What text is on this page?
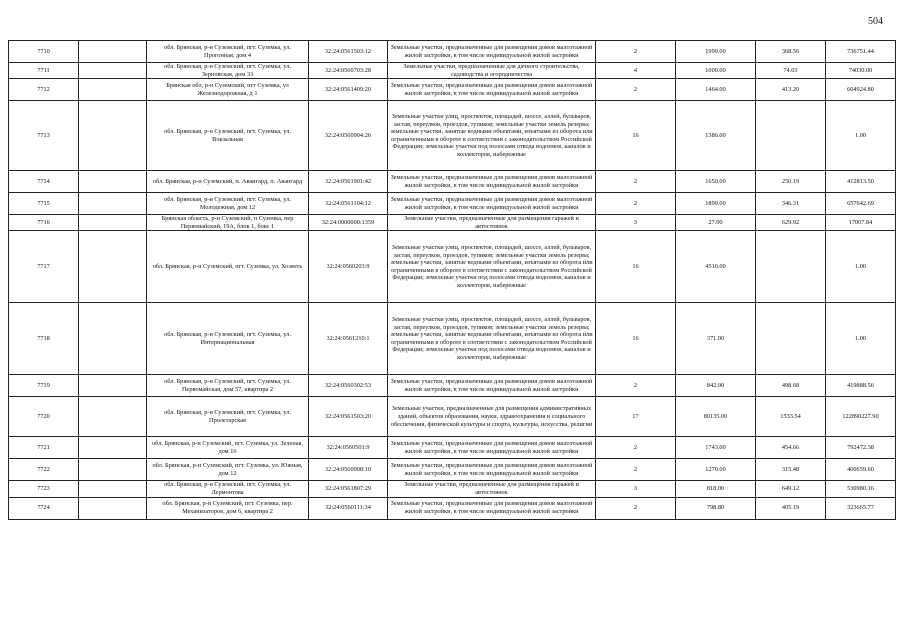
504
7710		обл. Брянская, р-н Суземский, пгт. Суземка, ул. Прогонная, дом 4	32:24:0561503:12	Земельные участки, предназначенные для размещения домов малоэтажной жилой застройки, в том числе индивидуальной жилой застройки	2	1999.00	368.56	736751.44
7711		обл. Брянская, р-н Суземский, пгт. Суземка, ул. Зерновская, дом 33	32:24:0560703:28	Земельные участки, предназначенные для дачного строительства, садоводства и огородничества	4	1000.00	74.03	74030.00
7712		Брянская обл, р-н Суземский, пгт Суземка, ул Железнодорожная, д 1	32:24:0561409:20	Земельные участки, предназначенные для размещения домов малоэтажной жилой застройки, в том числе индивидуальной жилой застройки	2	1464.00	413.20	604924.80
7713		обл. Брянская, р-н Суземский, пгт. Суземка, ул. Вокзальная	32:24:0560904:26	Земельные участки улиц, проспектов, площадей, шоссе, аллей, бульваров, застав, переулков, проездов, тупиков; земельные участки земель резерва; земельные участки, занятые водными объектами, изъятыми из оборота или ограниченными в обороте в соответствии с законодательством Российской Федерации; земельные участки под полосами отвода водоемов, каналов и коллекторов, набережные	16	1386.00		1.00
7714		обл. Брянская, р-н Суземский, п. Авангард, п. Авангард	32:24:0561901:42	Земельные участки, предназначенные для размещения домов малоэтажной жилой застройки, в том числе индивидуальной жилой застройки	2	1650.00	250.19	412813.50
7715		обл. Брянская, р-н Суземский, пгт. Суземка, ул. Молодежная, дом 12	32:24:0561104:12	Земельные участки, предназначенные для размещения домов малоэтажной жилой застройки, в том числе индивидуальной жилой застройки	2	1899.00	346.31	657642.69
7716		Брянская область, р-н Суземский, п Суземка, пер Первомайский, 19А, блок 1, бокс 1	32:24:0000000:1359	Земельные участки, предназначенные для размещения гаражей и автостоянок	3	27.00	629.92	17007.84
7717		обл. Брянская, р-н Суземский, пгт. Суземка, ул. Хозяеть	32:24:0560203:9	Земельные участки улиц, проспектов, площадей, шоссе, аллей, бульваров, застав, переулков, проездов, тупиков; земельные участки земель резерва; земельные участки, занятые водными объектами, изъятыми из оборота или ограниченными в обороте в соответствии с законодательством Российской Федерации; земельные участки под полосами отвода водоемов, каналов и коллекторов, набережные	16	4510.00		1.00
7718		обл. Брянская, р-н Суземский, пгт. Суземка, ул. Интернациональная	32:24:0561210:1	Земельные участки улиц, проспектов, площадей, шоссе, аллей, бульваров, застав, переулков, проездов, тупиков; земельные участки земель резерва; земельные участки, занятые водными объектами, изъятыми из оборота или ограниченными в обороте в соответствии с законодательством Российской Федерации; земельные участки под полосами отвода водоемов, каналов и коллекторов, набережные	16	371.00		1.00
7719		обл. Брянская, р-н Суземский, пгт. Суземка, ул. Первомайская, дом 57, квартира 2	32:24:0560302:53	Земельные участки, предназначенные для размещения домов малоэтажной жилой застройки, в том числе индивидуальной жилой застройки	2	842.00	498.68	419888.56
7720		обл. Брянская, р-н Суземский, пгт. Суземка, ул. Пролетарская	32:24:0561503:20	Земельные участки, предназначенные для размещения административных зданий, объектов образования, науки, здравоохранения и социального обеспечения, физической культуры и спорта, культуры, искусства, религии	17	80135.00	1533.54	122890227.90
7721		обл. Брянская, р-н Суземский, пгт. Суземка, ул. Зеленая, дом 16	32:24:0560501:9	Земельные участки, предназначенные для размещения домов малоэтажной жилой застройки, в том числе индивидуальной жилой застройки	2	1743.00	454.66	792472.38
7722		обл. Брянская, р-н Суземский, пгт. Суземка, ул. Южная, дом 12	32:24:0560908:10	Земельные участки, предназначенные для размещения домов малоэтажной жилой застройки, в том числе индивидуальной жилой застройки	2	1270.00	315.48	400659.60
7723		обл. Брянская, р-н Суземский, пгт. Суземка, ул. Лермонтова	32:24:0561807:29	Земельные участки, предназначенные для размещения гаражей и автостоянок	3	818.00	649.12	530980.16
7724		обл. Брянская, р-н Суземский, пгт. Суземка, пер. Механизаторов, дом 6, квартира 2	32:24:0560111:34	Земельные участки, предназначенные для размещения домов малоэтажной жилой застройки, в том числе индивидуальной жилой застройки	2	798.80	405.19	323665.77
